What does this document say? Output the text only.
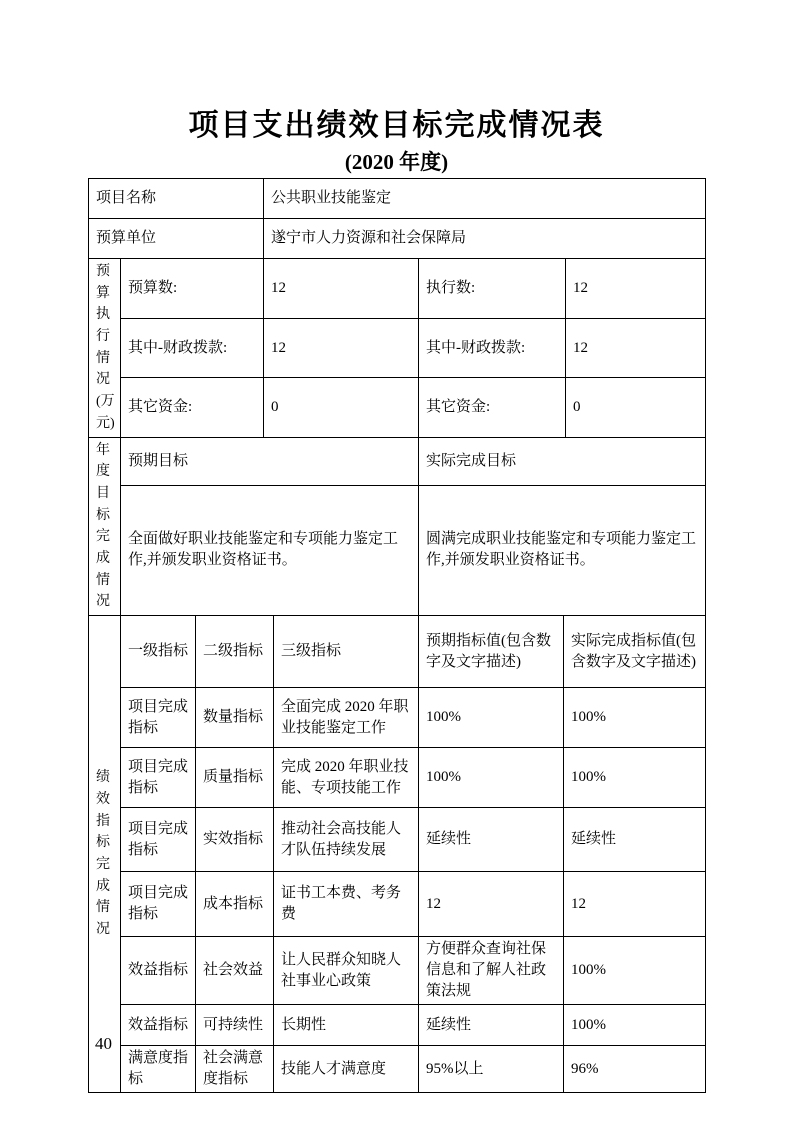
项目支出绩效目标完成情况表
(2020 年度)
项目名称			公共职业技能鉴定				
预算单位			遂宁市人力资源和社会保障局				
预算执行情况(万元)	预算数:		12		执行数:		12
	其中-财政拨款:		12		其中-财政拨款:		12
	其它资金:		0		其它资金:		0
年度目标完成情况	预期目标				实际完成目标		
	全面做好职业技能鉴定和专项能力鉴定工作,并颁发职业资格证书。				圆满完成职业技能鉴定和专项能力鉴定工作,并颁发职业资格证书。		
绩效指标完成情况	一级指标	二级指标		三级指标	预期指标值(包含数字及文字描述)	实际完成指标值(包含数字及文字描述)	
	项目完成指标	数量指标		全面完成 2020 年职业技能鉴定工作	100%	100%	
	项目完成指标	质量指标		完成 2020 年职业技能、专项技能工作	100%	100%	
	项目完成指标	实效指标		推动社会高技能人才队伍持续发展	延续性	延续性	
	项目完成指标	成本指标		证书工本费、考务费	12	12	
	效益指标	社会效益		让人民群众知晓人社事业心政策	方便群众查询社保信息和了解人社政策法规	100%	
	效益指标	可持续性		长期性	延续性	100%	
	满意度指标	社会满意度指标		技能人才满意度	95%以上	96%	
40
